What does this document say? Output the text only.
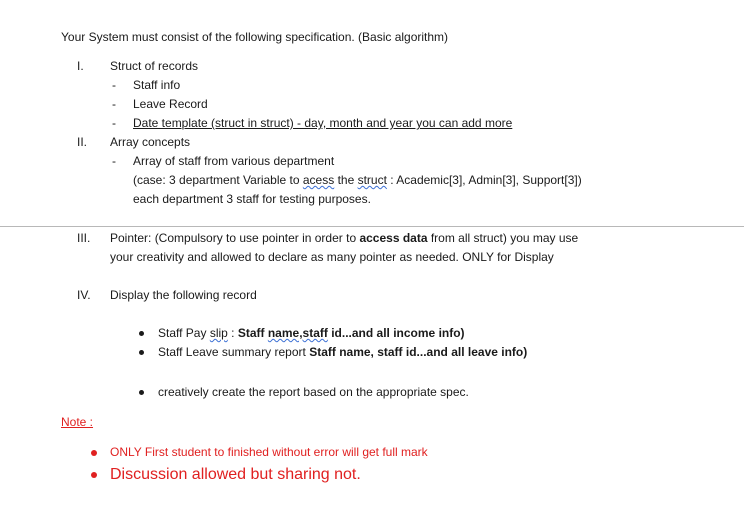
Your System must consist of the following specification. (Basic algorithm)
I. Struct of records
- Staff info
- Leave Record
- Date template (struct in struct) - day, month and year you can add more
II. Array concepts
- Array of staff from various department
(case: 3 department Variable to acess the struct : Academic[3], Admin[3], Support[3])
each department 3 staff for testing purposes.
III. Pointer: (Compulsory to use pointer in order to access data from all struct) you may use
your creativity and allowed to declare as many pointer as needed. ONLY for Display
IV. Display the following record
Staff Pay slip : Staff name,staff id...and all income info)
Staff Leave summary report Staff name, staff id...and all leave info)
creatively create the report based on the appropriate spec.
Note :
ONLY First student to finished without error will get full mark
Discussion allowed but sharing not.
